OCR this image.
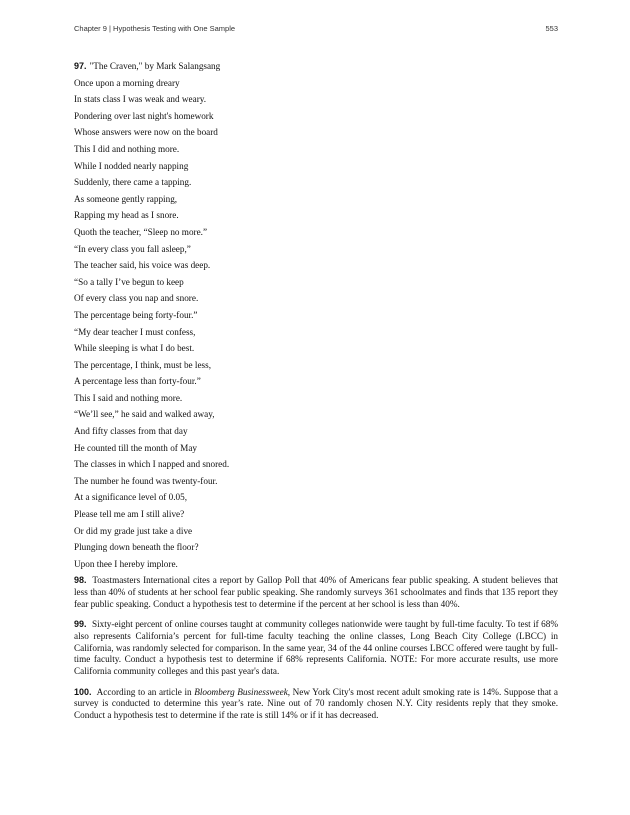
Chapter 9 | Hypothesis Testing with One Sample	553
97. "The Craven," by Mark Salangsang
Once upon a morning dreary
In stats class I was weak and weary.
Pondering over last night's homework
Whose answers were now on the board
This I did and nothing more.
While I nodded nearly napping
Suddenly, there came a tapping.
As someone gently rapping,
Rapping my head as I snore.
Quoth the teacher, “Sleep no more.”
“In every class you fall asleep,”
The teacher said, his voice was deep.
“So a tally I’ve begun to keep
Of every class you nap and snore.
The percentage being forty-four.”
“My dear teacher I must confess,
While sleeping is what I do best.
The percentage, I think, must be less,
A percentage less than forty-four.”
This I said and nothing more.
“We’ll see,” he said and walked away,
And fifty classes from that day
He counted till the month of May
The classes in which I napped and snored.
The number he found was twenty-four.
At a significance level of 0.05,
Please tell me am I still alive?
Or did my grade just take a dive
Plunging down beneath the floor?
Upon thee I hereby implore.

98. Toastmasters International cites a report by Gallop Poll that 40% of Americans fear public speaking. A student believes that less than 40% of students at her school fear public speaking. She randomly surveys 361 schoolmates and finds that 135 report they fear public speaking. Conduct a hypothesis test to determine if the percent at her school is less than 40%.

99. Sixty-eight percent of online courses taught at community colleges nationwide were taught by full-time faculty. To test if 68% also represents California’s percent for full-time faculty teaching the online classes, Long Beach City College (LBCC) in California, was randomly selected for comparison. In the same year, 34 of the 44 online courses LBCC offered were taught by full-time faculty. Conduct a hypothesis test to determine if 68% represents California. NOTE: For more accurate results, use more California community colleges and this past year's data.

100. According to an article in Bloomberg Businessweek, New York City's most recent adult smoking rate is 14%. Suppose that a survey is conducted to determine this year’s rate. Nine out of 70 randomly chosen N.Y. City residents reply that they smoke. Conduct a hypothesis test to determine if the rate is still 14% or if it has decreased.
